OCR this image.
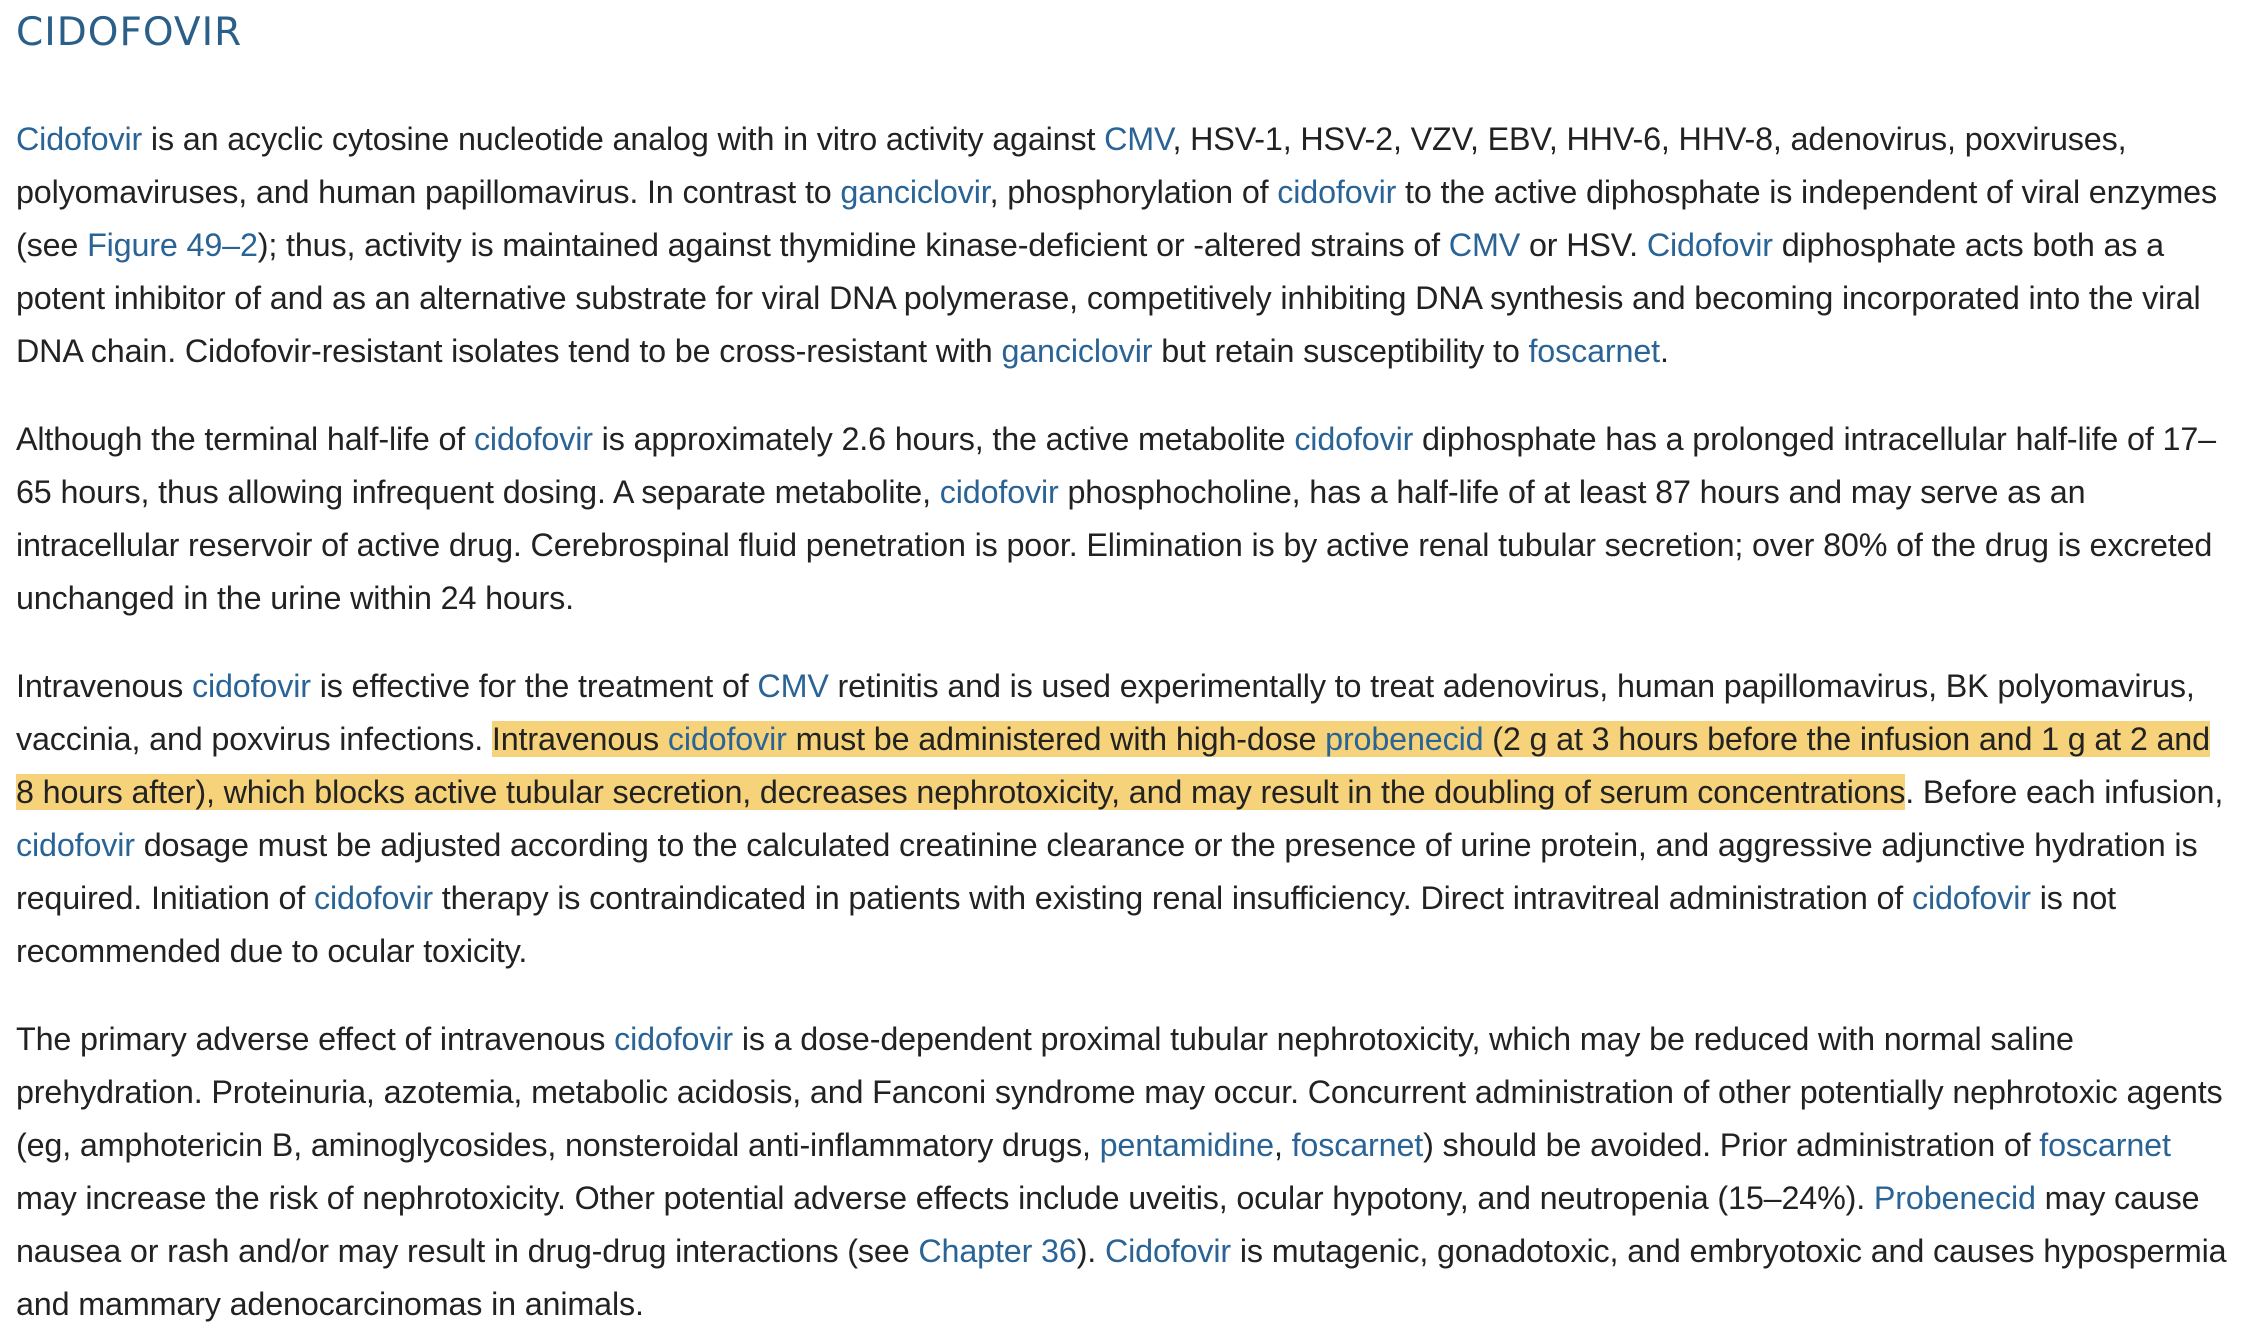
CIDOFOVIR

Cidofovir is an acyclic cytosine nucleotide analog with in vitro activity against CMV, HSV-1, HSV-2, VZV, EBV, HHV-6, HHV-8, adenovirus, poxviruses, polyomaviruses, and human papillomavirus. In contrast to ganciclovir, phosphorylation of cidofovir to the active diphosphate is independent of viral enzymes (see Figure 49–2); thus, activity is maintained against thymidine kinase-deficient or -altered strains of CMV or HSV. Cidofovir diphosphate acts both as a potent inhibitor of and as an alternative substrate for viral DNA polymerase, competitively inhibiting DNA synthesis and becoming incorporated into the viral DNA chain. Cidofovir-resistant isolates tend to be cross-resistant with ganciclovir but retain susceptibility to foscarnet.

Although the terminal half-life of cidofovir is approximately 2.6 hours, the active metabolite cidofovir diphosphate has a prolonged intracellular half-life of 17–65 hours, thus allowing infrequent dosing. A separate metabolite, cidofovir phosphocholine, has a half-life of at least 87 hours and may serve as an intracellular reservoir of active drug. Cerebrospinal fluid penetration is poor. Elimination is by active renal tubular secretion; over 80% of the drug is excreted unchanged in the urine within 24 hours.

Intravenous cidofovir is effective for the treatment of CMV retinitis and is used experimentally to treat adenovirus, human papillomavirus, BK polyomavirus, vaccinia, and poxvirus infections. Intravenous cidofovir must be administered with high-dose probenecid (2 g at 3 hours before the infusion and 1 g at 2 and 8 hours after), which blocks active tubular secretion, decreases nephrotoxicity, and may result in the doubling of serum concentrations. Before each infusion, cidofovir dosage must be adjusted according to the calculated creatinine clearance or the presence of urine protein, and aggressive adjunctive hydration is required. Initiation of cidofovir therapy is contraindicated in patients with existing renal insufficiency. Direct intravitreal administration of cidofovir is not recommended due to ocular toxicity.

The primary adverse effect of intravenous cidofovir is a dose-dependent proximal tubular nephrotoxicity, which may be reduced with normal saline prehydration. Proteinuria, azotemia, metabolic acidosis, and Fanconi syndrome may occur. Concurrent administration of other potentially nephrotoxic agents (eg, amphotericin B, aminoglycosides, nonsteroidal anti-inflammatory drugs, pentamidine, foscarnet) should be avoided. Prior administration of foscarnet may increase the risk of nephrotoxicity. Other potential adverse effects include uveitis, ocular hypotony, and neutropenia (15–24%). Probenecid may cause nausea or rash and/or may result in drug-drug interactions (see Chapter 36). Cidofovir is mutagenic, gonadotoxic, and embryotoxic and causes hypospermia and mammary adenocarcinomas in animals.
